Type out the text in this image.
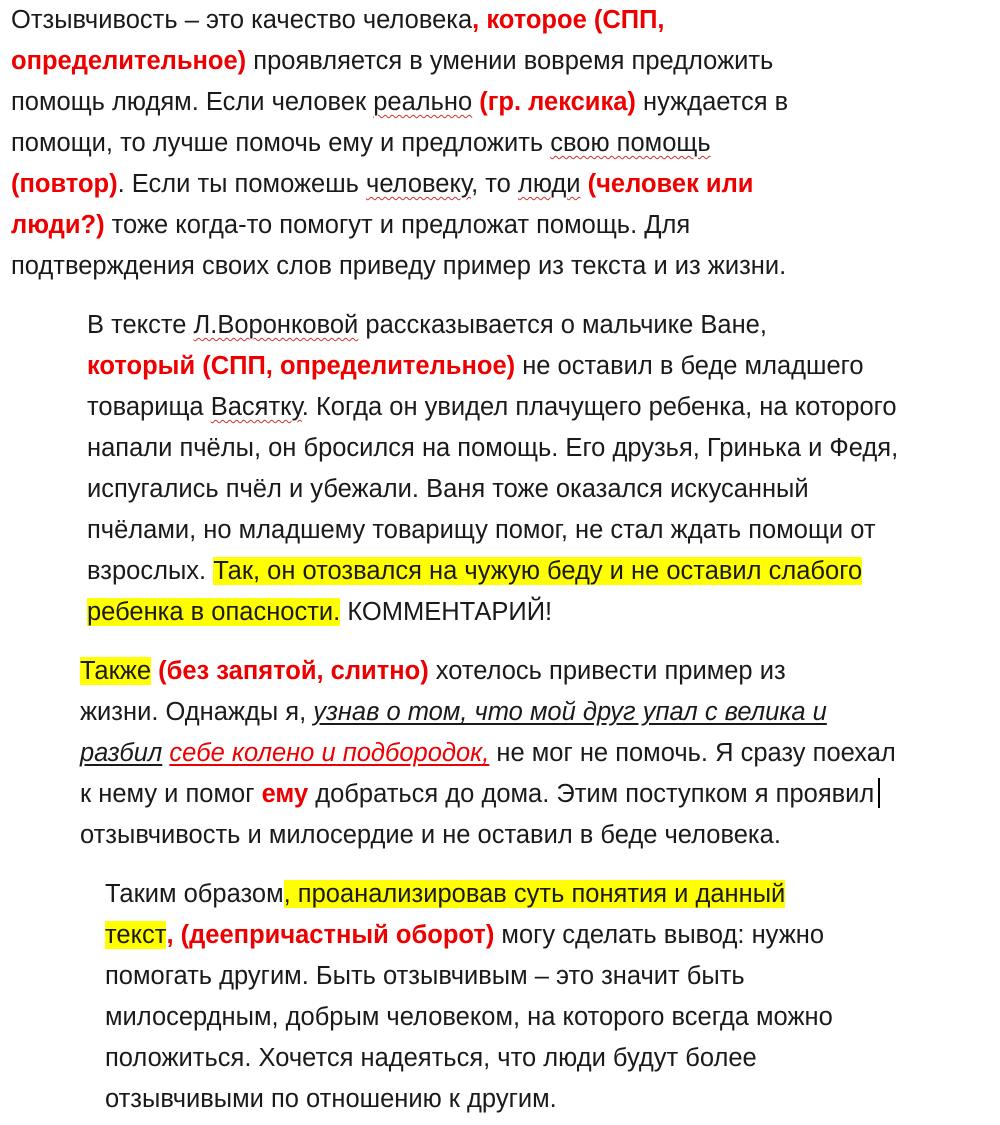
Отзывчивость – это качество человека, которое (СПП,
определительное) проявляется в умении вовремя предложить
помощь людям. Если человек реально (гр. лексика) нуждается в
помощи, то лучше помочь ему и предложить свою помощь
(повтор). Если ты поможешь человеку, то люди (человек или
люди?) тоже когда-то помогут и предложат помощь. Для
подтверждения своих слов приведу пример из текста и из жизни.

В тексте Л.Воронковой рассказывается о мальчике Ване,
который (СПП, определительное) не оставил в беде младшего
товарища Васятку. Когда он увидел плачущего ребенка, на которого
напали пчёлы, он бросился на помощь. Его друзья, Гринька и Федя,
испугались пчёл и убежали. Ваня тоже оказался искусанный
пчёлами, но младшему товарищу помог, не стал ждать помощи от
взрослых. Так, он отозвался на чужую беду и не оставил слабого
ребенка в опасности. КОММЕНТАРИЙ!

Также (без запятой, слитно) хотелось привести пример из
жизни. Однажды я, узнав о том, что мой друг упал с велика и
разбил себе колено и подбородок, не мог не помочь. Я сразу поехал
к нему и помог ему добраться до дома. Этим поступком я проявил
отзывчивость и милосердие и не оставил в беде человека.

Таким образом, проанализировав суть понятия и данный
текст, (деепричастный оборот) могу сделать вывод: нужно
помогать другим. Быть отзывчивым – это значит быть
милосердным, добрым человеком, на которого всегда можно
положиться. Хочется надеяться, что люди будут более
отзывчивыми по отношению к другим.
